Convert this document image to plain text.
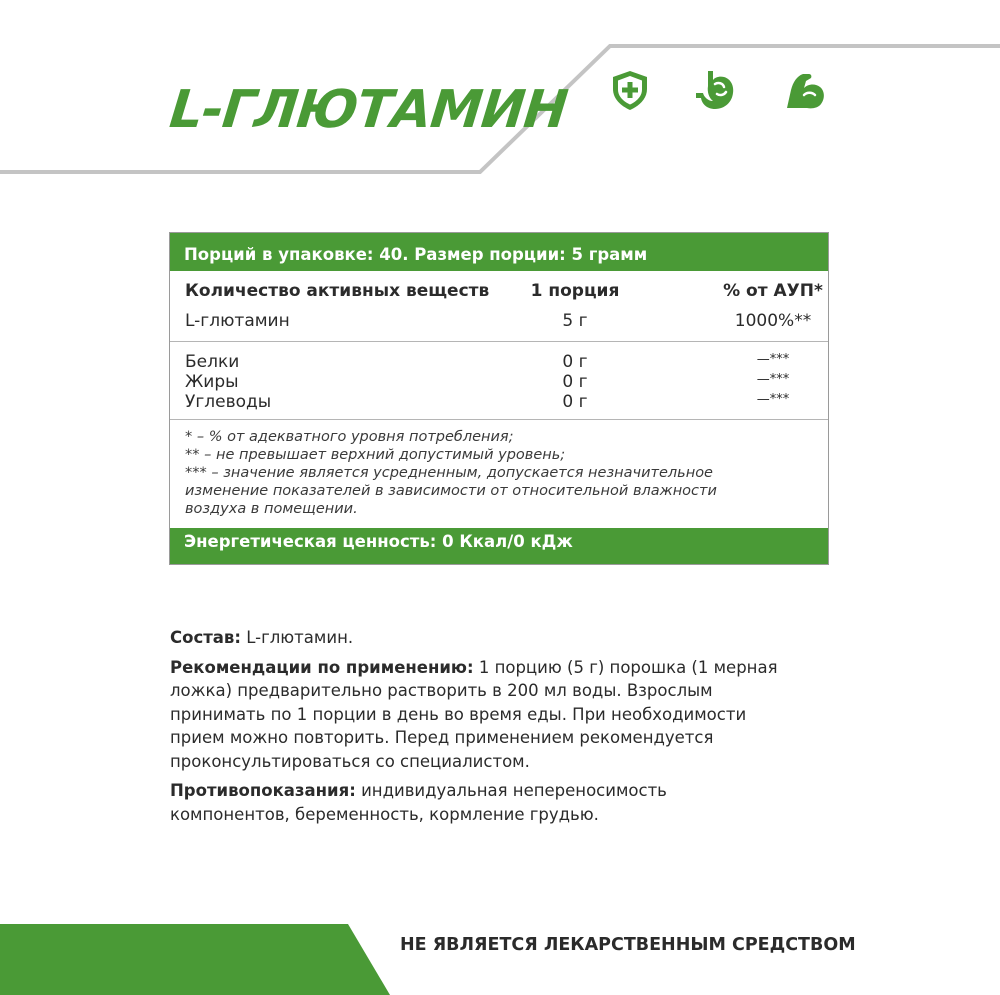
L-ГЛЮТАМИН
Порций в упаковке: 40. Размер порции: 5 грамм
Количество активных веществ 1 порция	% от АУП*
L-глютамин	5 г	1000%**
Белки	0 г	—***
Жиры	0 г	—***
Углеводы	0 г	—***
* – % от адекватного уровня потребления;
** – не превышает верхний допустимый уровень;
*** – значение является усредненным, допускается незначительное
изменение показателей в зависимости от относительной влажности
воздуха в помещении.
Энергетическая ценность: 0 Ккал/0 кДж

Состав: L-глютамин.

Рекомендации по применению: 1 порцию (5 г) порошка (1 мерная
ложка) предварительно растворить в 200 мл воды. Взрослым
принимать по 1 порции в день во время еды. При необходимости
прием можно повторить. Перед применением рекомендуется
проконсультироваться со специалистом.

Противопоказания: индивидуальная непереносимость
компонентов, беременность, кормление грудью.

НЕ ЯВЛЯЕТСЯ ЛЕКАРСТВЕННЫМ СРЕДСТВОМ
